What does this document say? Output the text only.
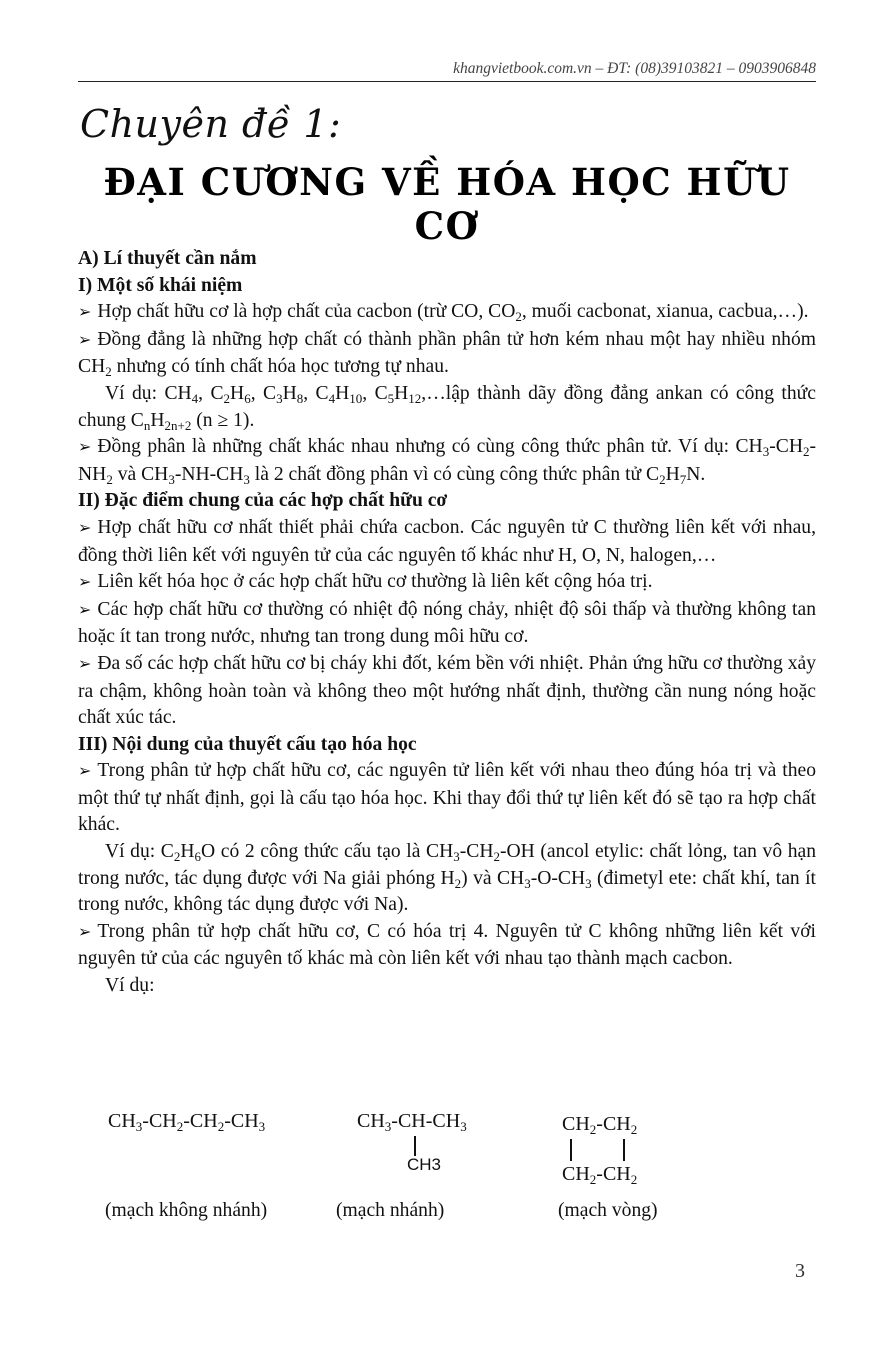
khangvietbook.com.vn – ĐT: (08)39103821 – 0903906848
Chuyên đề 1:
ĐẠI CƯƠNG VỀ HÓA HỌC HỮU CƠ
A) Lí thuyết cần nắm
I) Một số khái niệm

➢ Hợp chất hữu cơ là hợp chất của cacbon (trừ CO, $CO_2$, muối cacbonat, xianua, cacbua,…).

➢ Đồng đẳng là những hợp chất có thành phần phân tử hơn kém nhau một hay nhiều nhóm $CH_2$ nhưng có tính chất hóa học tương tự nhau.

Ví dụ: $CH_4$, $C_2H_6$, $C_3H_8$, $C_4H_{10}$, $C_5H_{12},\dots lập$ thành dãy đồng đẳng ankan có công thức chung $C_nH_{2n+2}$ (n ≥ 1).

➢ Đồng phân là những chất khác nhau nhưng có cùng công thức phân tử. Ví dụ: $CH_3-CH_2-NH_2$ và $CH_3-NH-CH_3$ là 2 chất đồng phân vì có cùng công thức phân tử $C_2H_7N$.

II) Đặc điểm chung của các hợp chất hữu cơ

➢ Hợp chất hữu cơ nhất thiết phải chứa cacbon. Các nguyên tử C thường liên kết với nhau, đồng thời liên kết với nguyên tử của các nguyên tố khác như H, O, N, halogen,…

➢ Liên kết hóa học ở các hợp chất hữu cơ thường là liên kết cộng hóa trị.

➢ Các hợp chất hữu cơ thường có nhiệt độ nóng chảy, nhiệt độ sôi thấp và thường không tan hoặc ít tan trong nước, nhưng tan trong dung môi hữu cơ.

➢ Đa số các hợp chất hữu cơ bị cháy khi đốt, kém bền với nhiệt. Phản ứng hữu cơ thường xảy ra chậm, không hoàn toàn và không theo một hướng nhất định, thường cần nung nóng hoặc chất xúc tác.

III) Nội dung của thuyết cấu tạo hóa học

➢ Trong phân tử hợp chất hữu cơ, các nguyên tử liên kết với nhau theo đúng hóa trị và theo một thứ tự nhất định, gọi là cấu tạo hóa học. Khi thay đổi thứ tự liên kết đó sẽ tạo ra hợp chất khác.

Ví dụ: $C_2H_6O$ có 2 công thức cấu tạo là $CH_3-CH_2-OH$ (ancol etylic: chất lỏng, tan vô hạn trong nước, tác dụng được với Na giải phóng $H_2$) và $CH_3-O-CH_3$ (đimetyl ete: chất khí, tan ít trong nước, không tác dụng được với Na).

➢ Trong phân tử hợp chất hữu cơ, C có hóa trị 4. Nguyên tử C không những liên kết với nguyên tử của các nguyên tố khác mà còn liên kết với nhau tạo thành mạch cacbon.

Ví dụ:

$CH_3-CH_2-CH_2-CH_3$
(mạch không nhánh)
$CH_3-CH-CH_3$
CH3
(mạch nhánh)
$CH_2-CH_2$
$CH_2-CH_2$
(mạch vòng)
3
